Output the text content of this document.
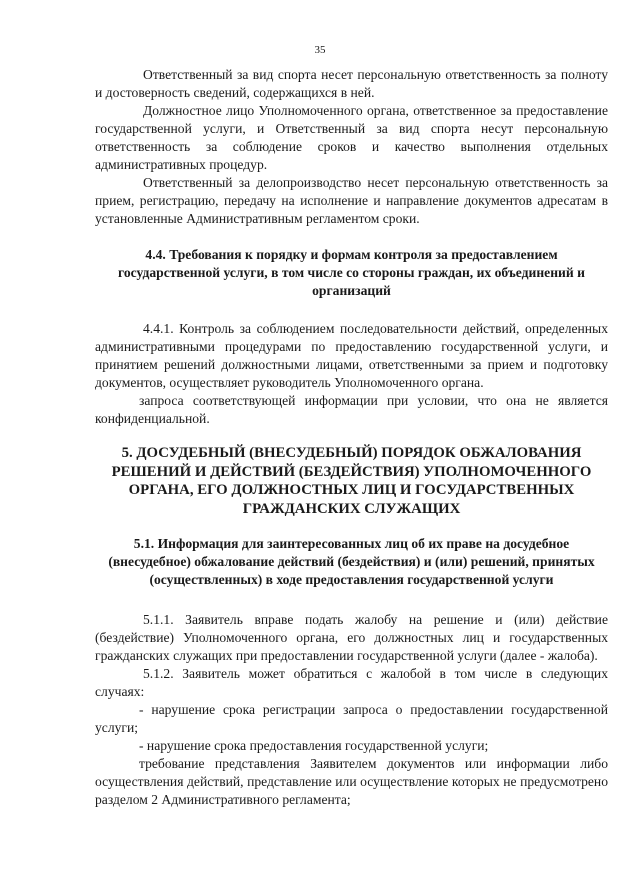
35

Ответственный за вид спорта несет персональную ответственность за полноту и достоверность сведений, содержащихся в ней.

Должностное лицо Уполномоченного органа, ответственное за предоставление государственной услуги, и Ответственный за вид спорта несут персональную ответственность за соблюдение сроков и качество выполнения отдельных административных процедур.

Ответственный за делопроизводство несет персональную ответственность за прием, регистрацию, передачу на исполнение и направление документов адресатам в установленные Административным регламентом сроки.

4.4. Требования к порядку и формам контроля за предоставлением государственной услуги, в том числе со стороны граждан, их объединений и организаций

4.4.1. Контроль за соблюдением последовательности действий, определенных административными процедурами по предоставлению государственной услуги, и принятием решений должностными лицами, ответственными за прием и подготовку документов, осуществляет руководитель Уполномоченного органа.

запроса соответствующей информации при условии, что она не является конфиденциальной.

5. ДОСУДЕБНЫЙ (ВНЕСУДЕБНЫЙ) ПОРЯДОК ОБЖАЛОВАНИЯ РЕШЕНИЙ И ДЕЙСТВИЙ (БЕЗДЕЙСТВИЯ) УПОЛНОМОЧЕННОГО ОРГАНА, ЕГО ДОЛЖНОСТНЫХ ЛИЦ И ГОСУДАРСТВЕННЫХ ГРАЖДАНСКИХ СЛУЖАЩИХ
5.1. Информация для заинтересованных лиц об их праве на досудебное (внесудебное) обжалование действий (бездействия) и (или) решений, принятых (осуществленных) в ходе предоставления государственной услуги

5.1.1. Заявитель вправе подать жалобу на решение и (или) действие (бездействие) Уполномоченного органа, его должностных лиц и государственных гражданских служащих при предоставлении государственной услуги (далее - жалоба).

5.1.2. Заявитель может обратиться с жалобой в том числе в следующих случаях:

- нарушение срока регистрации запроса о предоставлении государственной услуги;

- нарушение срока предоставления государственной услуги;

требование представления Заявителем документов или информации либо осуществления действий, представление или осуществление которых не предусмотрено разделом 2 Административного регламента;
